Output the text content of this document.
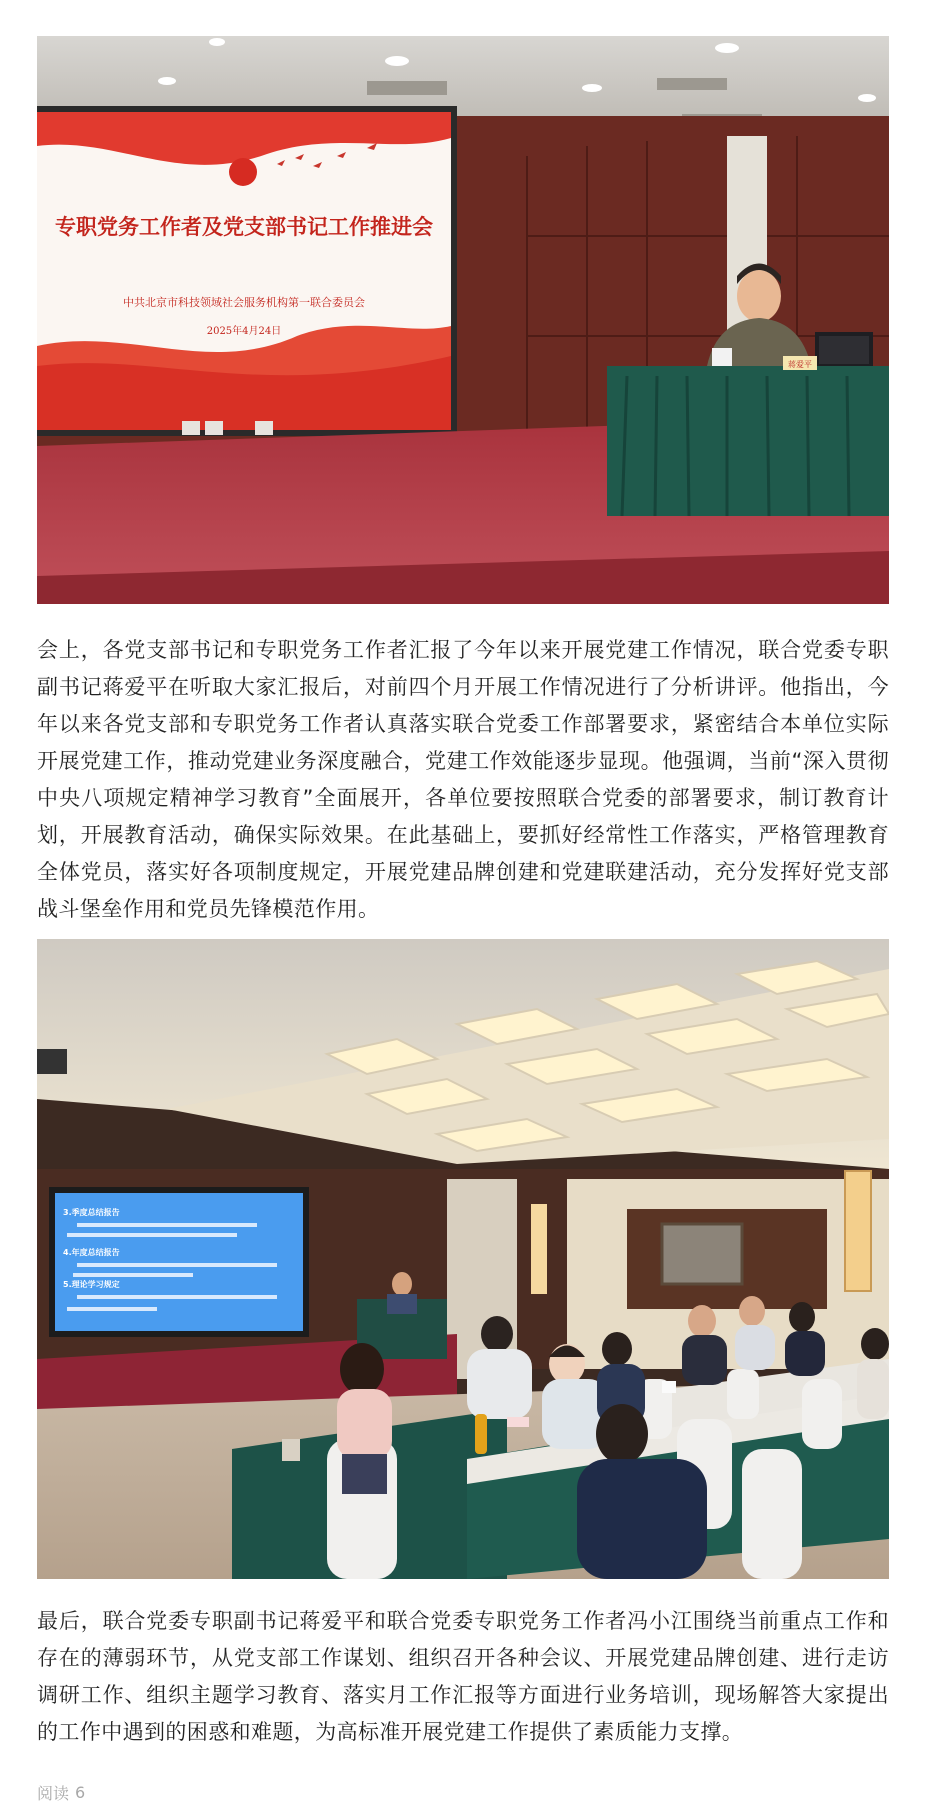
专职党务工作者及党支部书记工作推进会
中共北京市科技领域社会服务机构第一联合委员会
2025年4月24日
蒋爱平

会上，各党支部书记和专职党务工作者汇报了今年以来开展党建工作情况，联合党委专职副书记蒋爱平在听取大家汇报后，对前四个月开展工作情况进行了分析讲评。他指出，今年以来各党支部和专职党务工作者认真落实联合党委工作部署要求，紧密结合本单位实际开展党建工作，推动党建业务深度融合，党建工作效能逐步显现。他强调，当前“深入贯彻中央八项规定精神学习教育”全面展开，各单位要按照联合党委的部署要求，制订教育计划，开展教育活动，确保实际效果。在此基础上，要抓好经常性工作落实，严格管理教育全体党员，落实好各项制度规定，开展党建品牌创建和党建联建活动，充分发挥好党支部战斗堡垒作用和党员先锋模范作用。

3.季度总结报告
4.年度总结报告
5.理论学习规定

最后，联合党委专职副书记蒋爱平和联合党委专职党务工作者冯小江围绕当前重点工作和存在的薄弱环节，从党支部工作谋划、组织召开各种会议、开展党建品牌创建、进行走访调研工作、组织主题学习教育、落实月工作汇报等方面进行业务培训，现场解答大家提出的工作中遇到的困惑和难题，为高标准开展党建工作提供了素质能力支撑。

阅读 6
